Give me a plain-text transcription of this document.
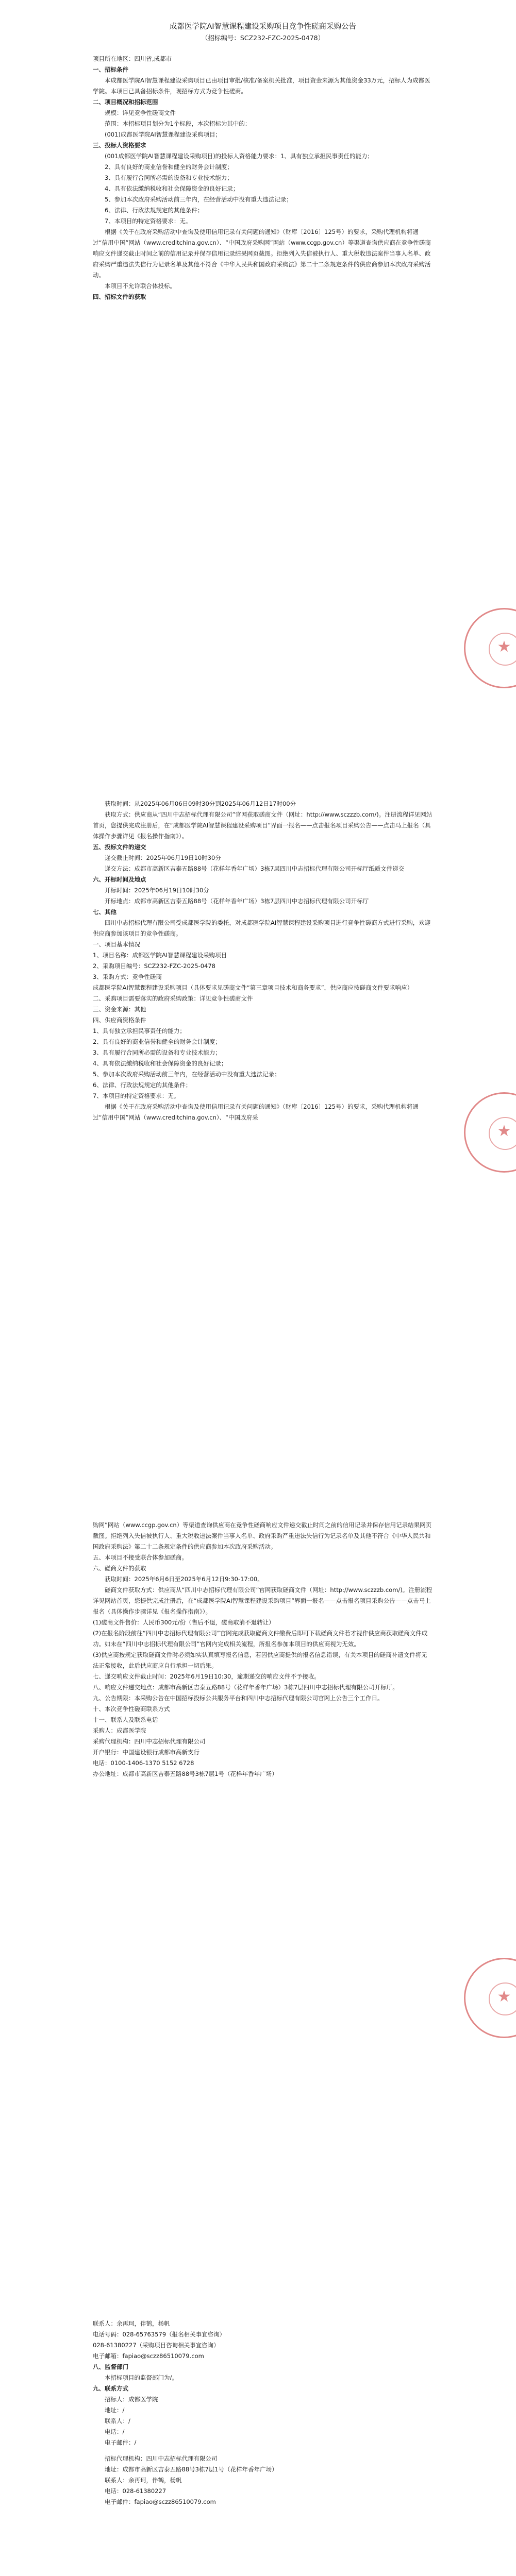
成都医学院AI智慧课程建设采购项目竞争性磋商采购公告

（招标编号：SCZ232-FZC-2025-0478）

项目所在地区：四川省,成都市

一、招标条件

本成都医学院AI智慧课程建设采购项目已由项目审批/核准/备案机关批准，项目资金来源为其他资金33万元，招标人为成都医学院。本项目已具备招标条件，现招标方式为竞争性磋商。

二、项目概况和招标范围

规模：详见竞争性磋商文件

范围：本招标项目划分为1个标段，本次招标为其中的：

(001)成都医学院AI智慧课程建设采购项目；

三、投标人资格要求

(001成都医学院AI智慧课程建设采购项目)的投标人资格能力要求：1、具有独立承担民事责任的能力；

2、具有良好的商业信誉和健全的财务会计制度；

3、具有履行合同所必需的设备和专业技术能力；

4、具有依法缴纳税收和社会保障资金的良好记录；

5、参加本次政府采购活动前三年内，在经营活动中没有重大违法记录；

6、法律、行政法规规定的其他条件；

7、本项目的特定资格要求：无。

根据《关于在政府采购活动中查询及使用信用记录有关问题的通知》（财库〔2016〕125号）的要求，采购代理机构将通过“信用中国”网站（www.creditchina.gov.cn）、“中国政府采购网”网站（www.ccgp.gov.cn）等渠道查询供应商在竞争性磋商响应文件递交截止时间之前的信用记录并保存信用记录结果网页截图。拒绝列入失信被执行人、重大税收违法案件当事人名单、政府采购严重违法失信行为记录名单及其他不符合《中华人民共和国政府采购法》第二十二条规定条件的供应商参加本次政府采购活动。

本项目不允许联合体投标。

四、招标文件的获取

★

获取时间：从2025年06月06日09时30分到2025年06月12日17时00分

获取方式：供应商从“四川中志招标代理有限公司”官网获取磋商文件（网址：http://www.sczzzb.com/)。注册流程详见网站首页，您提供完成注册后，在“成都医学院AI智慧课程建设采购项目”界面一报名——点击报名项目采购公告——点击马上报名（具体操作步骤详见《报名操作指南》）。

五、投标文件的递交

递交截止时间：2025年06月19日10时30分

递交方法：成都市高新区吉泰五路88号（花样年香年广场）3栋7层四川中志招标代理有限公司开标厅纸质文件递交

六、开标时间及地点

开标时间：2025年06月19日10时30分

开标地点：成都市高新区吉泰五路88号（花样年香年广场）3栋7层四川中志招标代理有限公司开标厅

七、其他

四川中志招标代理有限公司受成都医学院的委托，对成都医学院AI智慧课程建设采购项目进行竞争性磋商方式进行采购，欢迎供应商参加该项目的竞争性磋商。

一、项目基本情况

1、项目名称：成都医学院AI智慧课程建设采购项目

2、采购项目编号：SCZ232-FZC-2025-0478

3、采购方式：竞争性磋商

成都医学院AI智慧课程建设采购项目（具体要求见磋商文件“第三章项目技术和商务要求”，供应商应按磋商文件要求响应）

二、采购项目需要落实的政府采购政策：详见竞争性磋商文件

三、资金来源：其他

四、供应商资格条件

1、具有独立承担民事责任的能力；

2、具有良好的商业信誉和健全的财务会计制度；

3、具有履行合同所必需的设备和专业技术能力；

4、具有依法缴纳税收和社会保障资金的良好记录；

5、参加本次政府采购活动前三年内，在经营活动中没有重大违法记录；

6、法律、行政法规规定的其他条件；

7、本项目的特定资格要求：无。

根据《关于在政府采购活动中查询及使用信用记录有关问题的通知》（财库〔2016〕125号）的要求，采购代理机构将通过“信用中国”网站（www.creditchina.gov.cn）、“中国政府采

★

购网”网站（www.ccgp.gov.cn）等渠道查询供应商在竞争性磋商响应文件递交截止时间之前的信用记录并保存信用记录结果网页截图。拒绝列入失信被执行人、重大税收违法案件当事人名单、政府采购严重违法失信行为记录名单及其他不符合《中华人民共和国政府采购法》第二十二条规定条件的供应商参加本次政府采购活动。

五、本项目不接受联合体参加磋商。

六、磋商文件的获取

获取时间：2025年6月6日至2025年6月12日9:30-17:00。

磋商文件获取方式：供应商从“四川中志招标代理有限公司”官网获取磋商文件（网址：http://www.sczzzb.com/)。注册流程详见网站首页，您提供完成注册后，在“成都医学院AI智慧课程建设采购项目”界面一报名——点击报名项目采购公告——点击马上报名（具体操作步骤详见《报名操作指南》）。

(1)磋商文件售价：人民币300元/份（售后不退，磋商取消不退转让）

(2)在报名阶段前往“四川中志招标代理有限公司”官网完成获取磋商文件缴费后即可下载磋商文件若才视作供应商获取磋商文件成功。如未在“四川中志招标代理有限公司”官网内完成相关流程，所报名参加本项目的供应商视为无效。

(3)供应商按规定获取磋商文件时必须如实认真填写报名信息，若因供应商提供的报名信息错误，有关本项目的磋商补遗文件将无法正常接收，此后供应商应自行承担一切后果。

七、递交响应文件截止时间：2025年6月19日10:30，逾期递交的响应文件不予接收。

八、响应文件递交地点：成都市高新区吉泰五路88号（花样年香年广场）3栋7层四川中志招标代理有限公司开标厅。

九、公告期限：本采购公告在中国招标投标公共服务平台和四川中志招标代理有限公司官网上公告三个工作日。

十、本次竞争性磋商联系方式

十一、联系人及联系电话

采购人：成都医学院

采购代理机构：四川中志招标代理有限公司

开户银行：中国建设银行成都市高新支行

电话：0100-1406-1370 5152 6728

办公地址：成都市高新区吉泰五路88号3栋7层1号（花样年香年广场）

★

联系人：余再珂，伴鹤，杨帆

电话号码：028-65763579（报名相关事宜咨询）

028-61380227（采购项目咨询相关事宜咨询）

电子邮箱：fapiao@sczz86510079.com

八、监督部门

本招标项目的监督部门为/。

九、联系方式

招标人：成都医学院

地址：/

联系人：/

电话：/

电子邮件：/

招标代理机构：四川中志招标代理有限公司

地址：成都市高新区吉泰五路88号3栋7层1号（花样年香年广场）

联系人：余再珂，伴鹤，杨帆

电话：028-61380227

电子邮件：fapiao@sczz86510079.com
